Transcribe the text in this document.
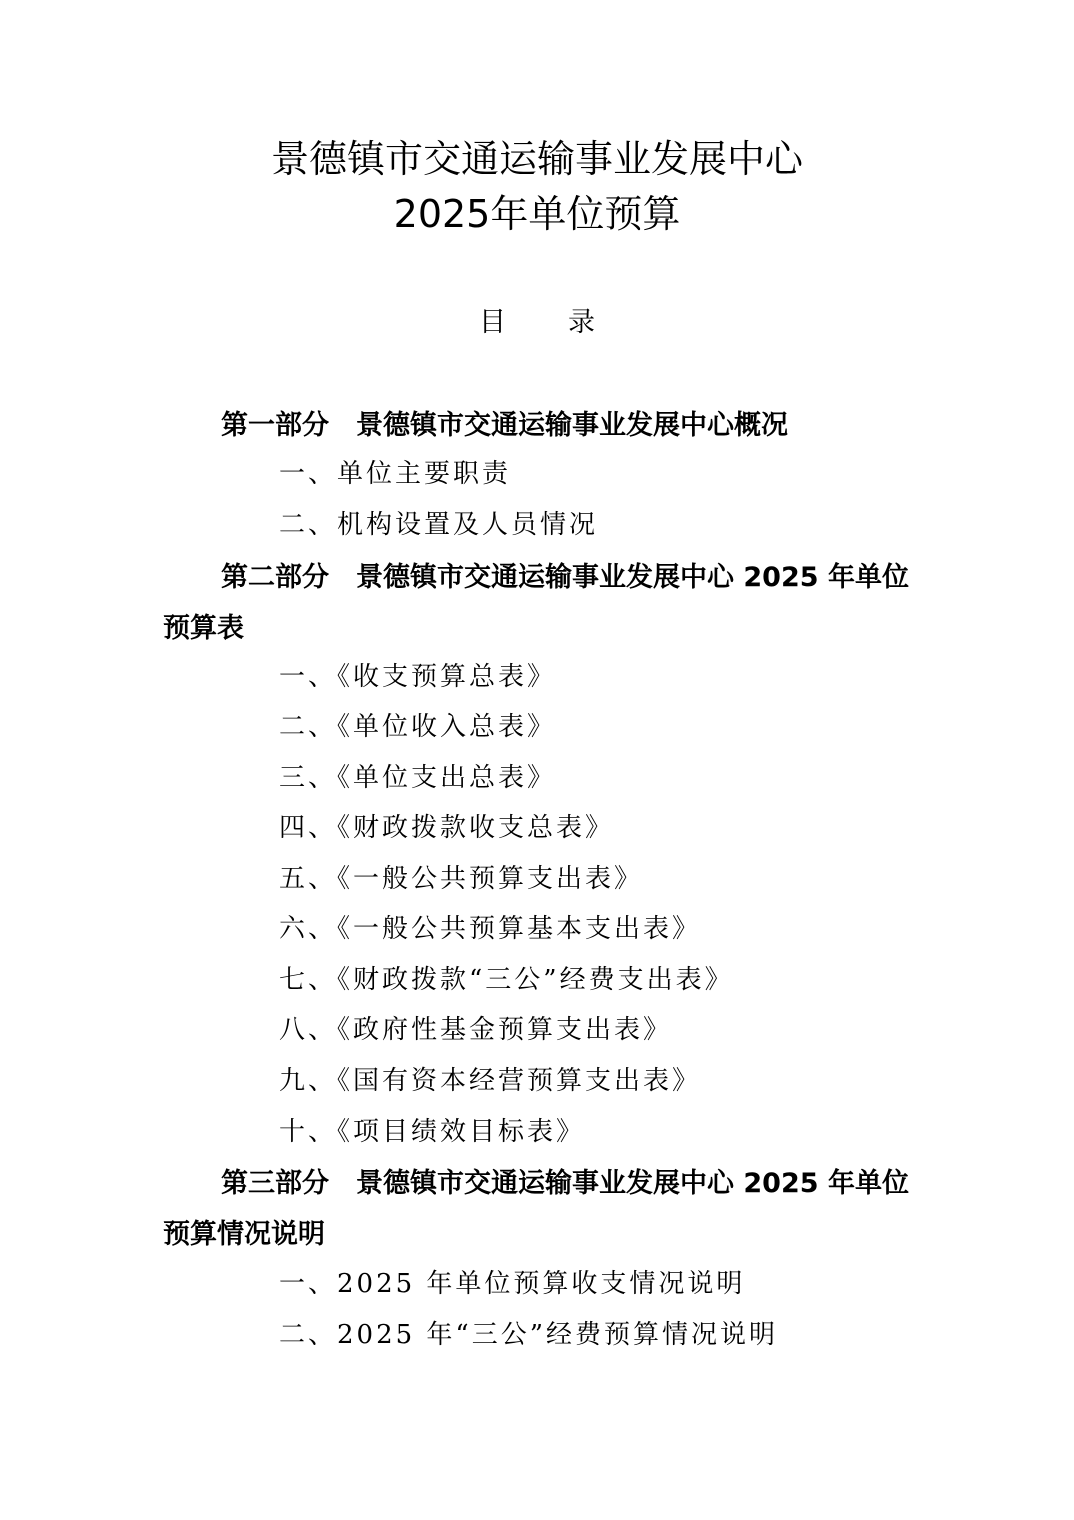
景德镇市交通运输事业发展中心
2025年单位预算
目录
第一部分　景德镇市交通运输事业发展中心概况
一、单位主要职责
二、机构设置及人员情况
第二部分　景德镇市交通运输事业发展中心 2025 年单位预算表
一、《收支预算总表》
二、《单位收入总表》
三、《单位支出总表》
四、《财政拨款收支总表》
五、《一般公共预算支出表》
六、《一般公共预算基本支出表》
七、《财政拨款“三公”经费支出表》
八、《政府性基金预算支出表》
九、《国有资本经营预算支出表》
十、《项目绩效目标表》
第三部分　景德镇市交通运输事业发展中心 2025 年单位预算情况说明
一、2025 年单位预算收支情况说明
二、2025 年“三公”经费预算情况说明
